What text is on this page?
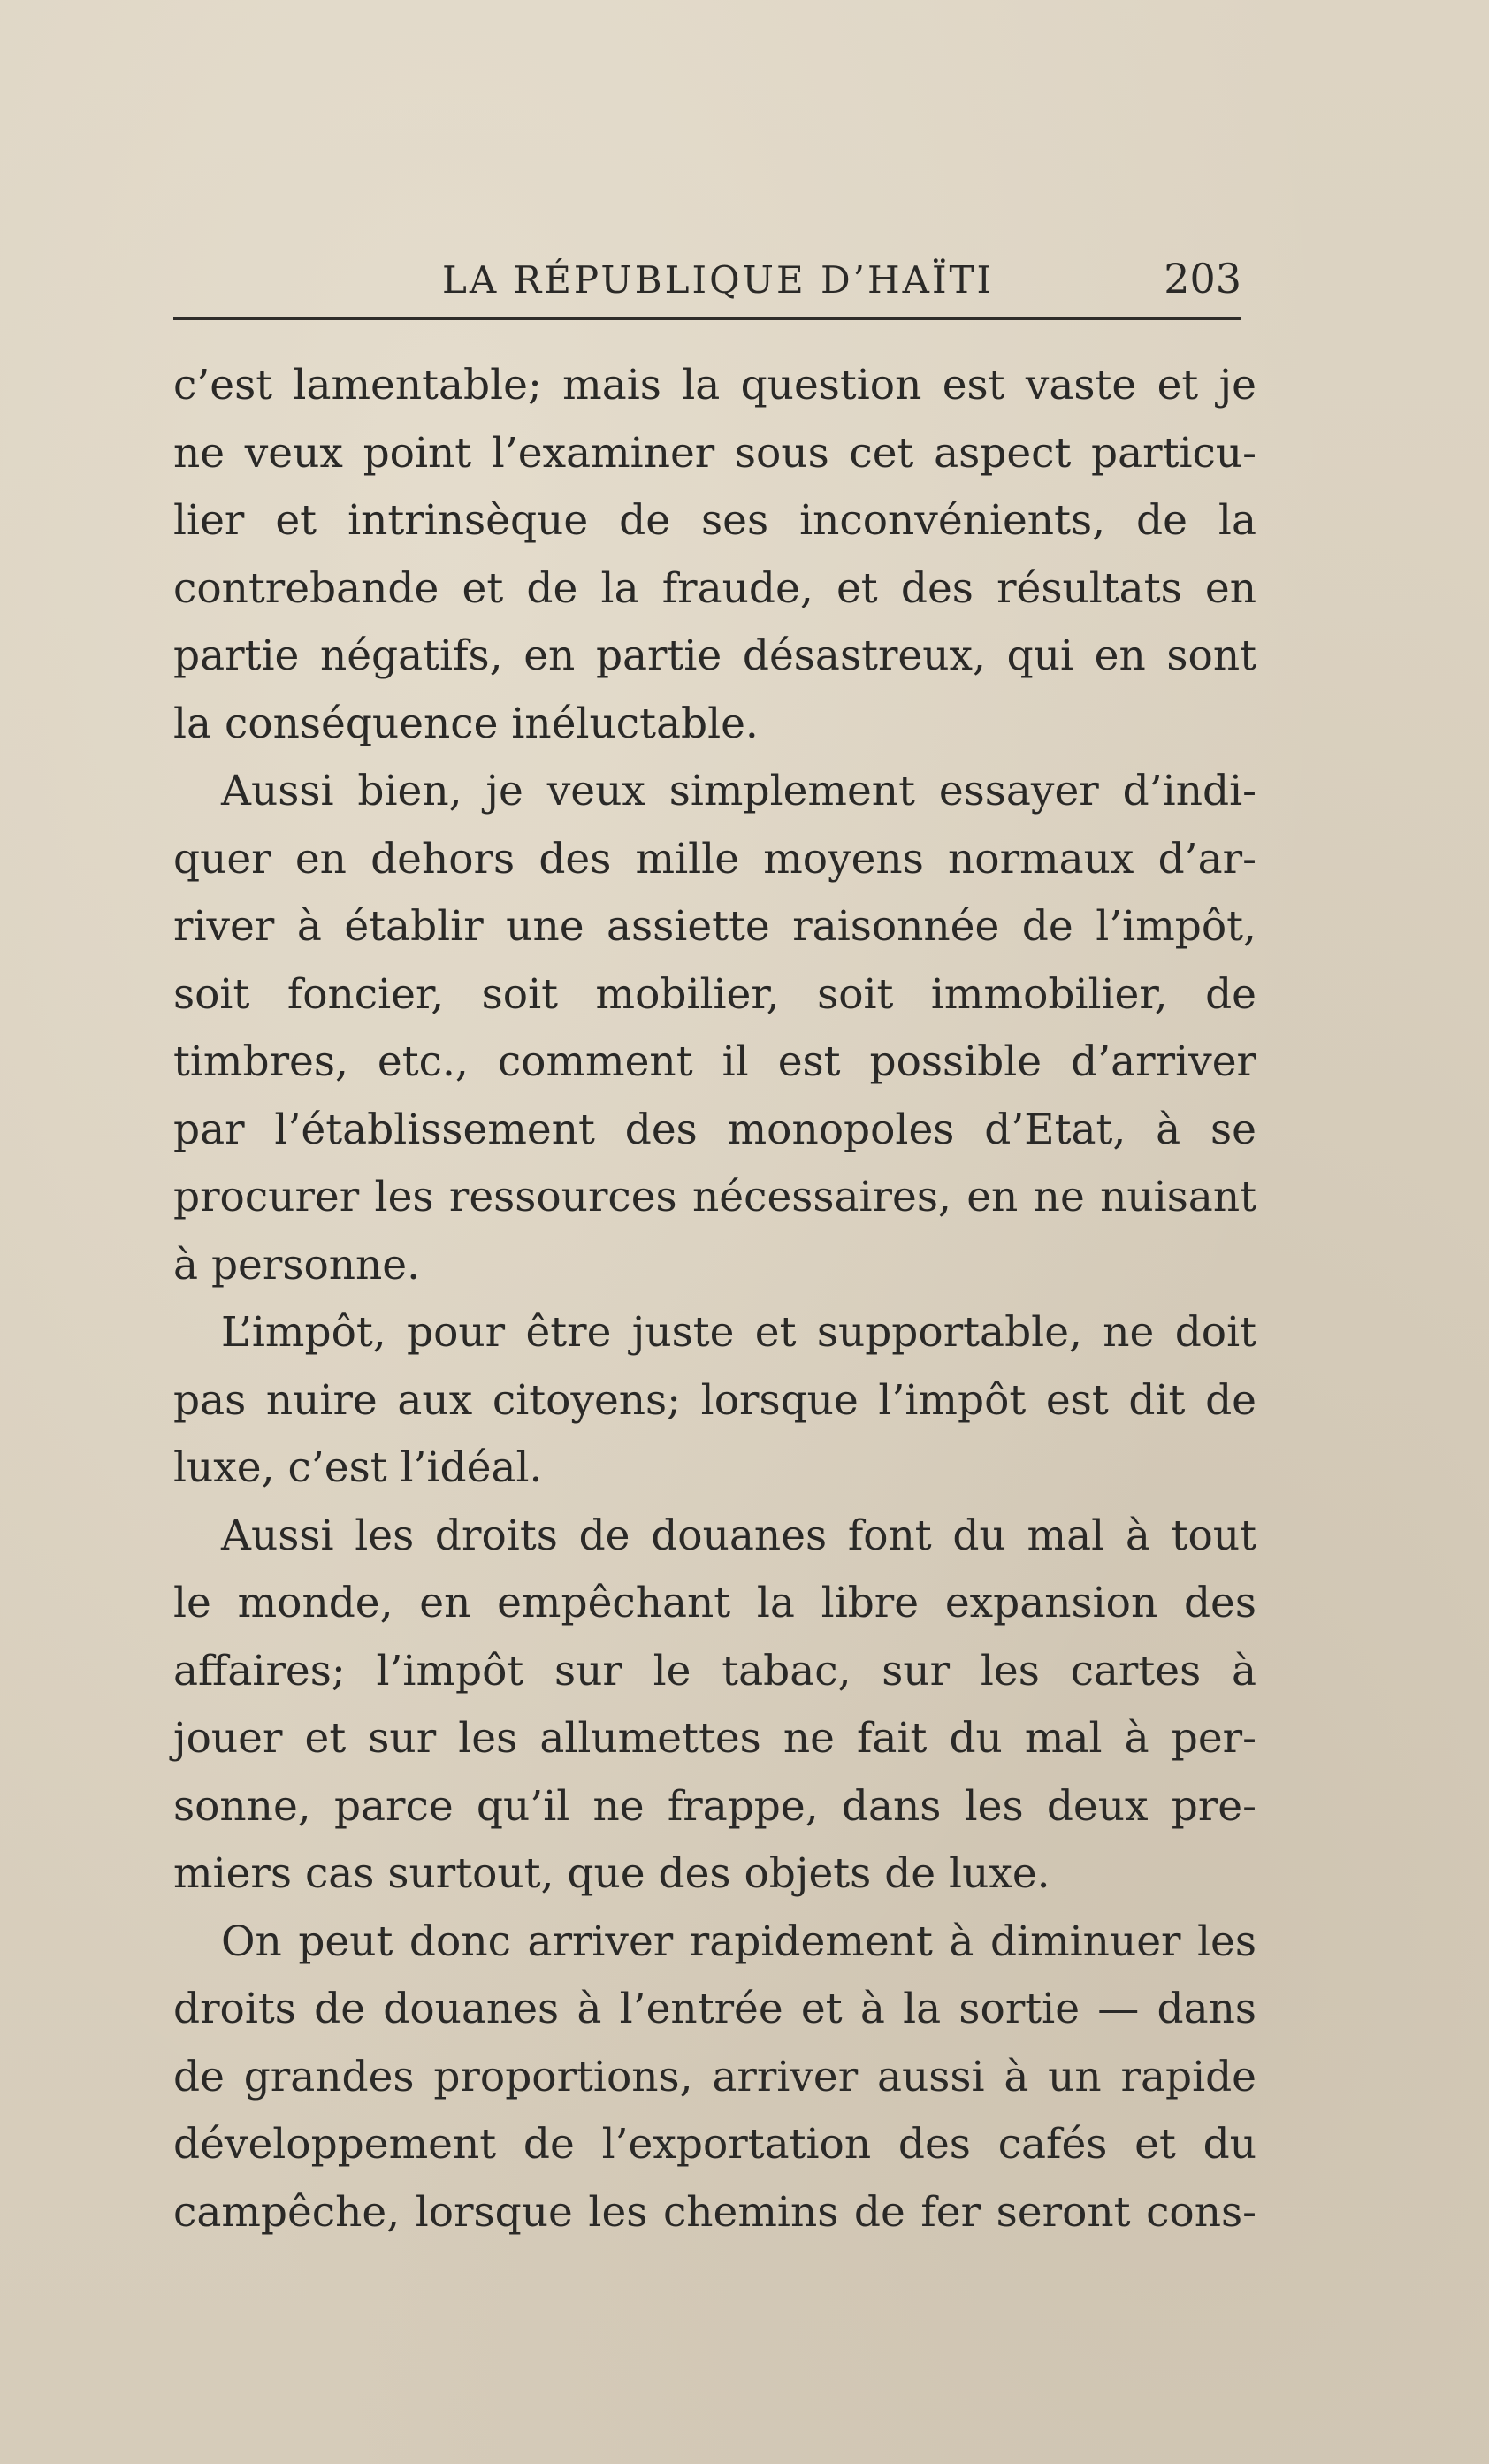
LA RÉPUBLIQUE D’HAÏTI	203
c’est lamentable; mais la question est vaste et je
ne veux point l’examiner sous cet aspect particu-
lier et intrinsèque de ses inconvénients, de la
contrebande et de la fraude, et des résultats en
partie négatifs, en partie désastreux, qui en sont
la conséquence inéluctable.
Aussi bien, je veux simplement essayer d’indi-
quer en dehors des mille moyens normaux d’ar-
river à établir une assiette raisonnée de l’impôt,
soit foncier, soit mobilier, soit immobilier, de
timbres, etc., comment il est possible d’arriver
par l’établissement des monopoles d’Etat, à se
procurer les ressources nécessaires, en ne nuisant
à personne.
L’impôt, pour être juste et supportable, ne doit
pas nuire aux citoyens; lorsque l’impôt est dit de
luxe, c’est l’idéal.
Aussi les droits de douanes font du mal à tout
le monde, en empêchant la libre expansion des
affaires; l’impôt sur le tabac, sur les cartes à
jouer et sur les allumettes ne fait du mal à per-
sonne, parce qu’il ne frappe, dans les deux pre-
miers cas surtout, que des objets de luxe.
On peut donc arriver rapidement à diminuer les
droits de douanes à l’entrée et à la sortie — dans
de grandes proportions, arriver aussi à un rapide
développement de l’exportation des cafés et du
campêche, lorsque les chemins de fer seront cons-
